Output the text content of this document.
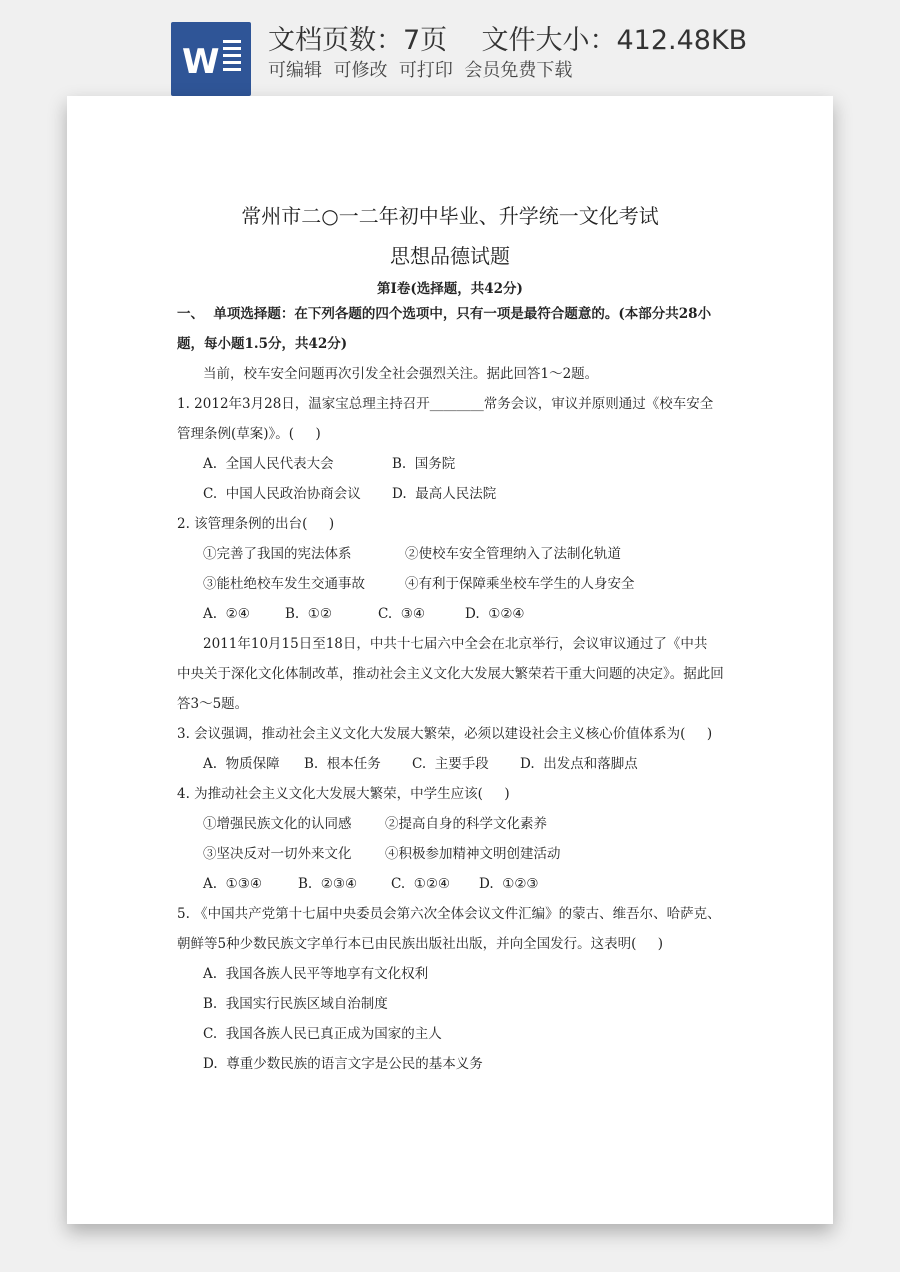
W
文档页数：7页    文件大小：412.48KB
可编辑  可修改  可打印  会员免费下载
常州市二○一二年初中毕业、升学统一文化考试
思想品德试题
第Ⅰ卷(选择题，共42分)
一、  单项选择题：在下列各题的四个选项中，只有一项是最符合题意的。(本部分共28小
题，每小题1.5分，共42分)
当前，校车安全问题再次引发全社会强烈关注。据此回答1～2题。
1. 2012年3月28日，温家宝总理主持召开________常务会议，审议并原则通过《校车安全
管理条例(草案)》。(     )
A.  全国人民代表大会	B.  国务院
C.  中国人民政治协商会议 D.  最高人民法院
2. 该管理条例的出台(     )
①完善了我国的宪法体系	②使校车安全管理纳入了法制化轨道
③能杜绝校车发生交通事故	④有利于保障乘坐校车学生的人身安全
A.  ②④	B.  ①②	C.  ③④	D.  ①②④
2011年10月15日至18日，中共十七届六中全会在北京举行，会议审议通过了《中共
中央关于深化文化体制改革，推动社会主义文化大发展大繁荣若干重大问题的决定》。据此回
答3～5题。
3. 会议强调，推动社会主义文化大发展大繁荣，必须以建设社会主义核心价值体系为(     )
A.  物质保障 B.  根本任务 C.  主要手段 D.  出发点和落脚点
4. 为推动社会主义文化大发展大繁荣，中学生应该(     )
①增强民族文化的认同感 ②提高自身的科学文化素养
③坚决反对一切外来文化 ④积极参加精神文明创建活动
A.  ①③④	B.  ②③④	C.  ①②④ D.  ①②③
5. 《中国共产党第十七届中央委员会第六次全体会议文件汇编》的蒙古、维吾尔、哈萨克、
朝鲜等5种少数民族文字单行本已由民族出版社出版，并向全国发行。这表明(     )
A.  我国各族人民平等地享有文化权利
B.  我国实行民族区域自治制度
C.  我国各族人民已真正成为国家的主人
D.  尊重少数民族的语言文字是公民的基本义务
